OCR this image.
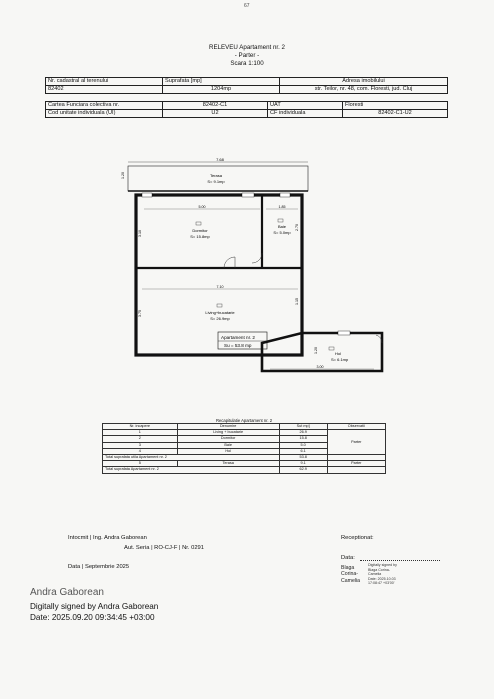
67
RELEVEU Apartament nr. 2
- Parter -
Scara 1:100
Nr. cadastral al terenului	Suprafata [mp]	Adresa imobilului
82402	1204mp	str. Teilor, nr. 48, com. Floresti, jud. Cluj
Cartea Funciara colectiva nr.	82402-C1	UAT	Floresti
Cod unitate individuala (UI)	U2	CF individuala	82402-C1-U2
7.68
1.20	Terasa
S= 9.1mp
5.00
3.10	Dormitor
S= 15.8mp
1.85
2.70
Baie
S= 5.0mp
7.10
3.75
1.15
Living+bucatarie
S= 26.9mp
Apartament nr. 2
Su = 53.8 mp
3.00
1.20	Hol
S= 6.1mp
Recapitulatie Apartament nr. 2			
Nr. incapere	Denumire	Sut mp]	Observatii
1	Living + bucatarie	26.9	Parter
2	Dormitor	15.8	
3	Baie	5.0	
4	Hol	6.1	
Total suprafata utila Apartament nr. 2		53.8	
5	Terasa	9.1	Parter
Total suprafata Apartament nr. 2		62.9	
Intocmit | Ing. Andra Gaborean
Aut. Seria | RO-CJ-F | Nr. 0291
Data | Septembrie 2025
Receptionat:
Data:
Blaga
Corina-
Camelia
Digitally signed by
Blaga Corina-
Camelia
Date: 2025.10.03
17:08:47 +03'00'
Andra Gaborean
Digitally signed by Andra Gaborean
Date: 2025.09.20 09:34:45 +03:00
